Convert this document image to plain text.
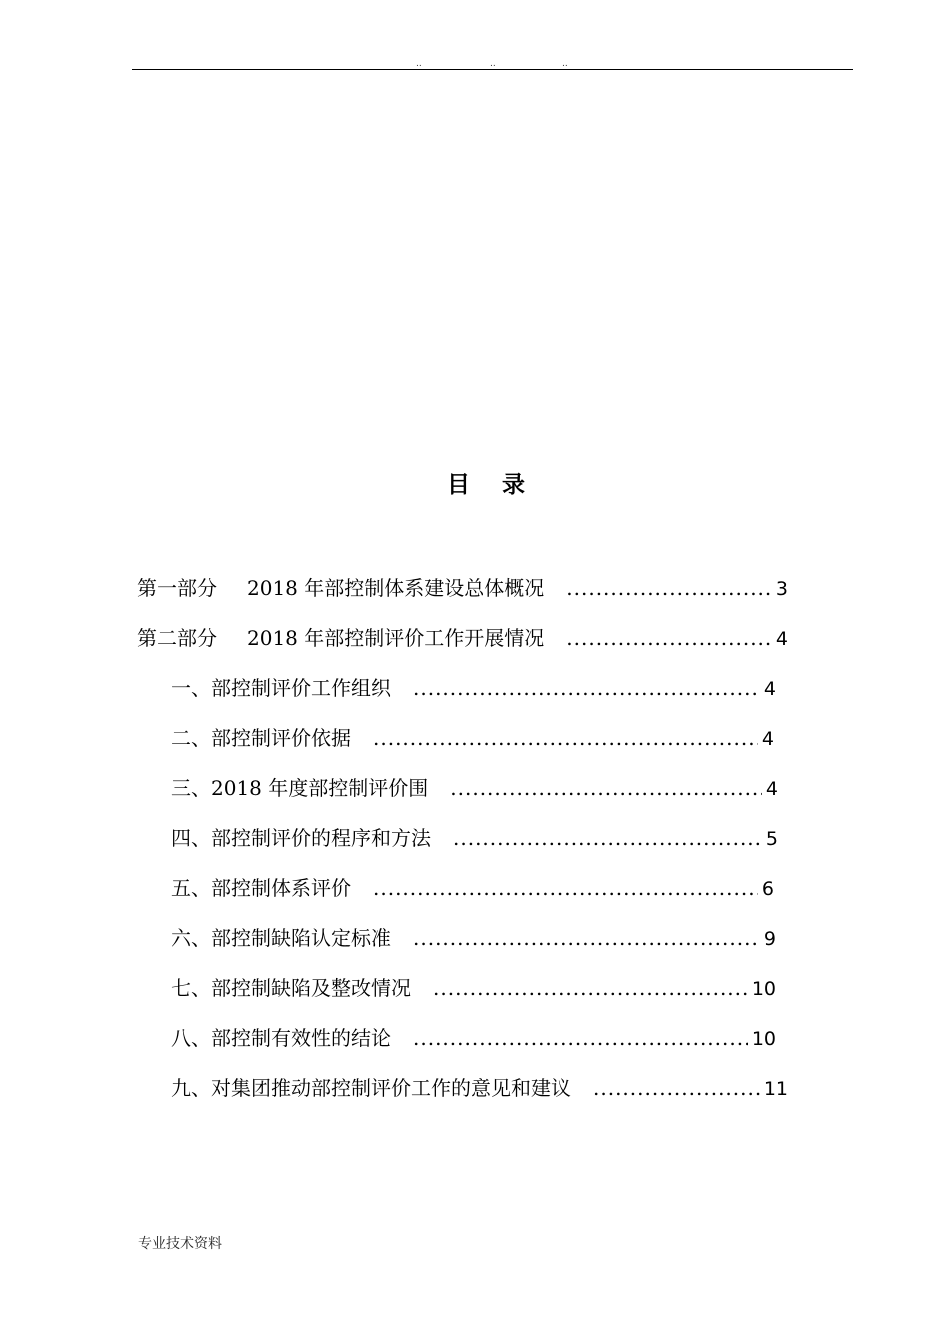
..	..	..
目 录
第一部分 2018 年部控制体系建设总体概况 .....	3
第二部分 2018 年部控制评价工作开展情况 .....	4
一、部控制评价工作组织 .....	4
二、部控制评价依据 .....	4
三、2018 年度部控制评价围 .....	4
四、部控制评价的程序和方法 .....	5
五、部控制体系评价 .....	6
六、部控制缺陷认定标准 .....	9
七、部控制缺陷及整改情况 .....	10
八、部控制有效性的结论 .....	10
九、对集团推动部控制评价工作的意见和建议 .....	11
专业技术资料
